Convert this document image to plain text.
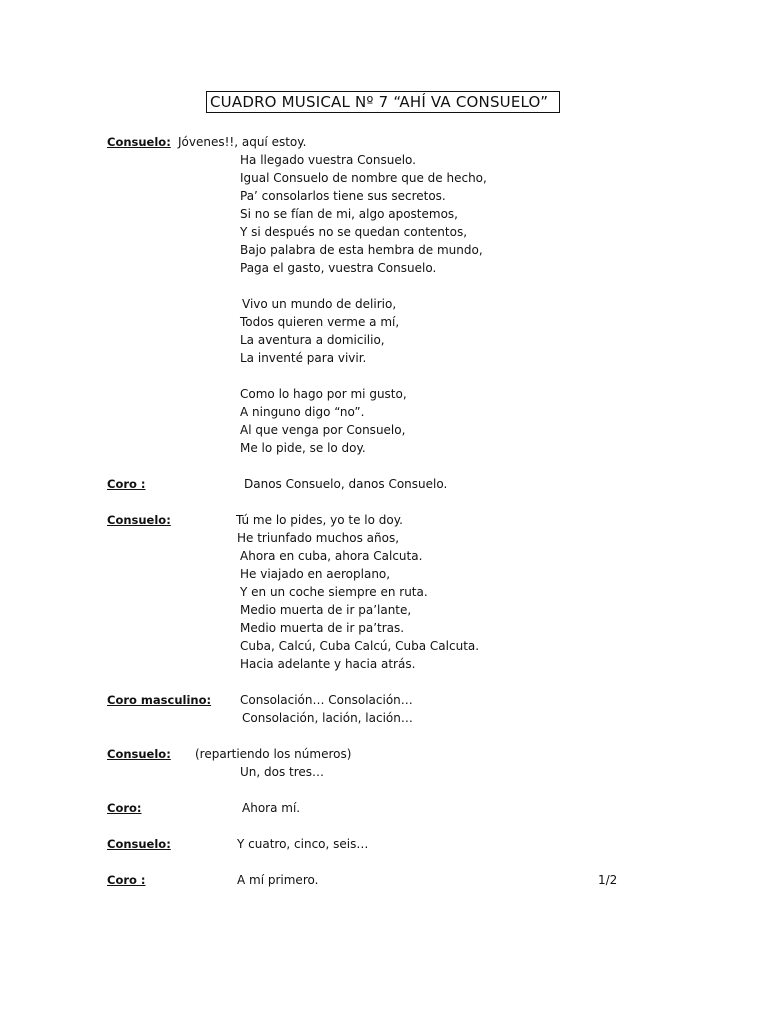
CUADRO MUSICAL Nº 7 “AHÍ VA CONSUELO”
Consuelo: Jóvenes!!, aquí estoy.
Ha llegado vuestra Consuelo.
Igual Consuelo de nombre que de hecho,
Pa’ consolarlos tiene sus secretos.
Si no se fían de mi, algo apostemos,
Y si después no se quedan contentos,
Bajo palabra de esta hembra de mundo,
Paga el gasto, vuestra Consuelo.
Vivo un mundo de delirio,
Todos quieren verme a mí,
La aventura a domicilio,
La inventé para vivir.
Como lo hago por mi gusto,
A ninguno digo “no”.
Al que venga por Consuelo,
Me lo pide, se lo doy.
Coro :	Danos Consuelo, danos Consuelo.
Consuelo:	Tú me lo pides, yo te lo doy.
He triunfado muchos años,
Ahora en cuba, ahora Calcuta.
He viajado en aeroplano,
Y en un coche siempre en ruta.
Medio muerta de ir pa’lante,
Medio muerta de ir pa’tras.
Cuba, Calcú, Cuba Calcú, Cuba Calcuta.
Hacia adelante y hacia atrás.
Coro masculino: Consolación… Consolación…
Consolación, lación, lación…
Consuelo: (repartiendo los números)
Un, dos tres…
Coro:	Ahora mí.
Consuelo:	Y cuatro, cinco, seis…
Coro :	A mí primero.	1/2
